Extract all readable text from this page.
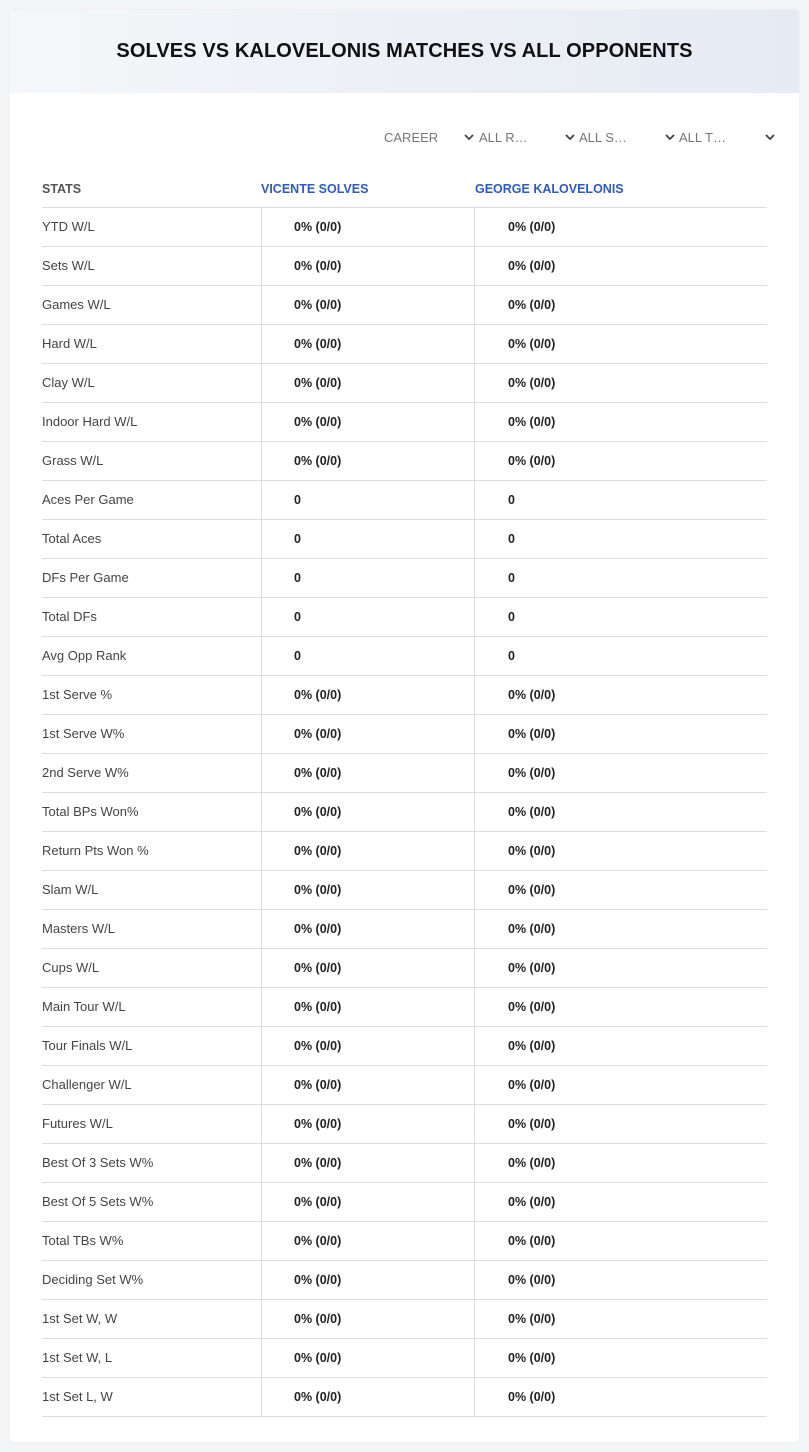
SOLVES VS KALOVELONIS MATCHES VS ALL OPPONENTS
CAREER	ALL R…	ALL S…	ALL T…
STATS	VICENTE SOLVES	GEORGE KALOVELONIS
YTD W/L	0% (0/0)	0% (0/0)
Sets W/L	0% (0/0)	0% (0/0)
Games W/L	0% (0/0)	0% (0/0)
Hard W/L	0% (0/0)	0% (0/0)
Clay W/L	0% (0/0)	0% (0/0)
Indoor Hard W/L	0% (0/0)	0% (0/0)
Grass W/L	0% (0/0)	0% (0/0)
Aces Per Game	0	0
Total Aces	0	0
DFs Per Game	0	0
Total DFs	0	0
Avg Opp Rank	0	0
1st Serve %	0% (0/0)	0% (0/0)
1st Serve W%	0% (0/0)	0% (0/0)
2nd Serve W%	0% (0/0)	0% (0/0)
Total BPs Won%	0% (0/0)	0% (0/0)
Return Pts Won %	0% (0/0)	0% (0/0)
Slam W/L	0% (0/0)	0% (0/0)
Masters W/L	0% (0/0)	0% (0/0)
Cups W/L	0% (0/0)	0% (0/0)
Main Tour W/L	0% (0/0)	0% (0/0)
Tour Finals W/L	0% (0/0)	0% (0/0)
Challenger W/L	0% (0/0)	0% (0/0)
Futures W/L	0% (0/0)	0% (0/0)
Best Of 3 Sets W%	0% (0/0)	0% (0/0)
Best Of 5 Sets W%	0% (0/0)	0% (0/0)
Total TBs W%	0% (0/0)	0% (0/0)
Deciding Set W%	0% (0/0)	0% (0/0)
1st Set W, W	0% (0/0)	0% (0/0)
1st Set W, L	0% (0/0)	0% (0/0)
1st Set L, W	0% (0/0)	0% (0/0)
